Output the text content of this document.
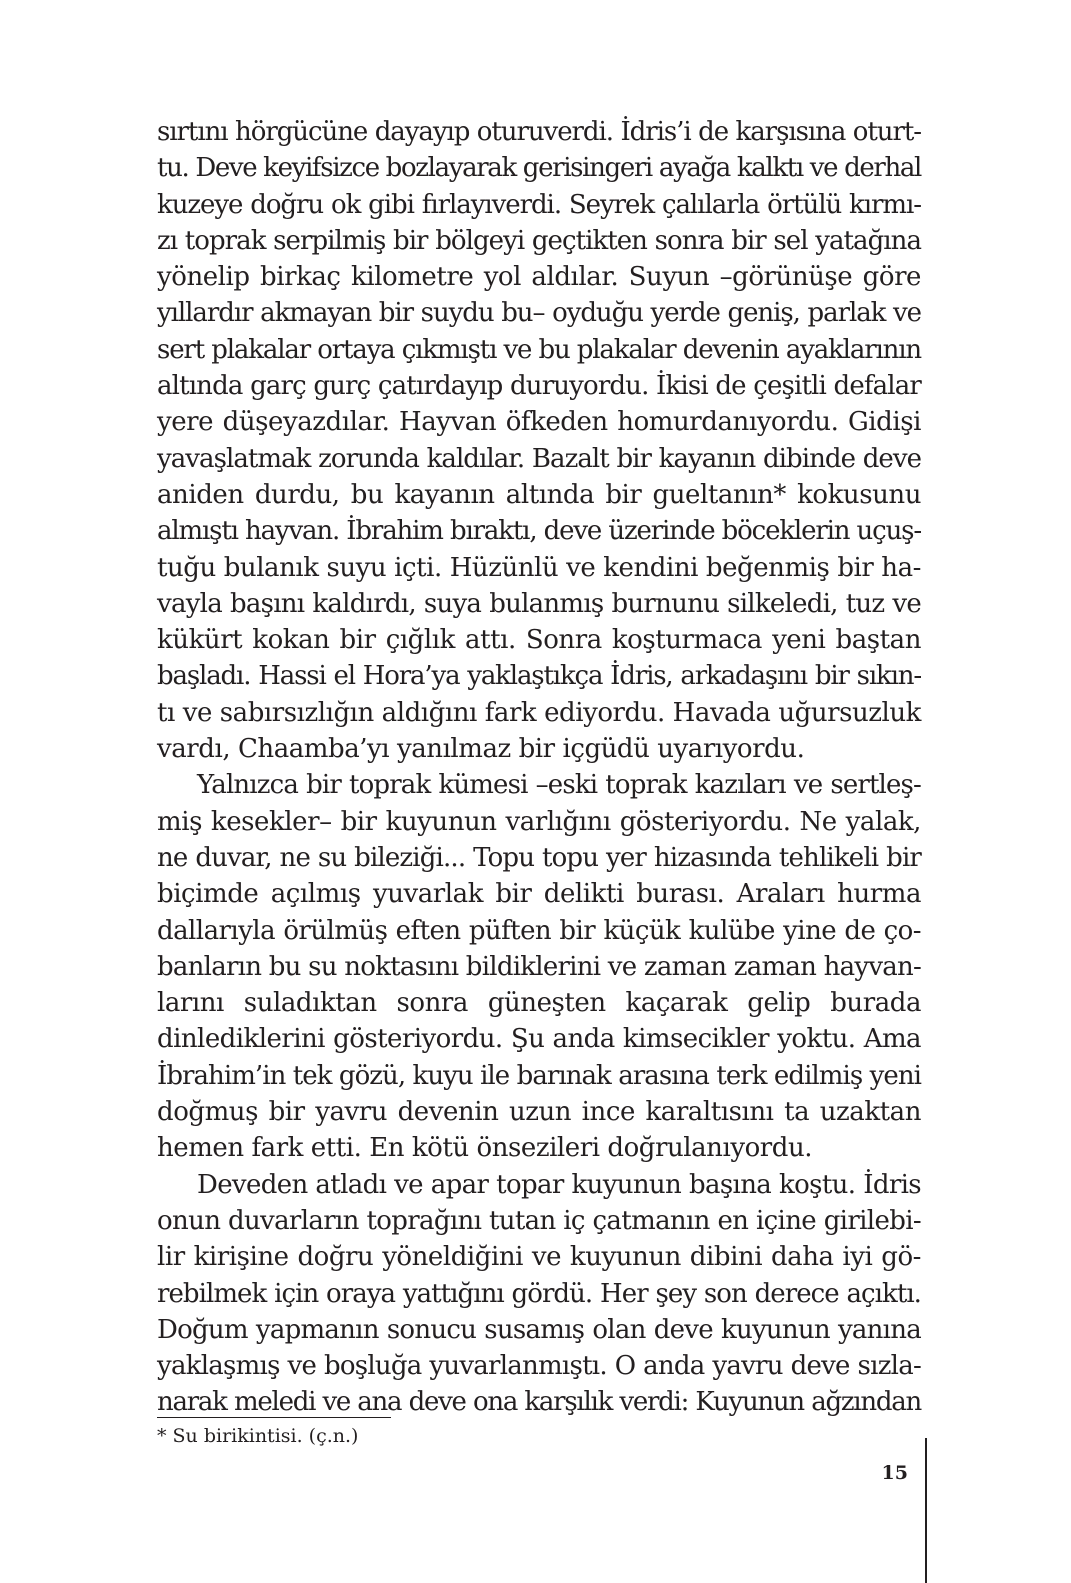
sırtını hörgücüne dayayıp oturuverdi. İdris’i de karşısına oturt-
tu. Deve keyifsizce bozlayarak gerisingeri ayağa kalktı ve derhal
kuzeye doğru ok gibi fırlayıverdi. Seyrek çalılarla örtülü kırmı-
zı toprak serpilmiş bir bölgeyi geçtikten sonra bir sel yatağına
yönelip birkaç kilometre yol aldılar. Suyun –görünüşe göre
yıllardır akmayan bir suydu bu– oyduğu yerde geniş, parlak ve
sert plakalar ortaya çıkmıştı ve bu plakalar devenin ayaklarının
altında garç gurç çatırdayıp duruyordu. İkisi de çeşitli defalar
yere düşeyazdılar. Hayvan öfkeden homurdanıyordu. Gidişi
yavaşlatmak zorunda kaldılar. Bazalt bir kayanın dibinde deve
aniden durdu, bu kayanın altında bir gueltanın* kokusunu
almıştı hayvan. İbrahim bıraktı, deve üzerinde böceklerin uçuş-
tuğu bulanık suyu içti. Hüzünlü ve kendini beğenmiş bir ha-
vayla başını kaldırdı, suya bulanmış burnunu silkeledi, tuz ve
kükürt kokan bir çığlık attı. Sonra koşturmaca yeni baştan
başladı. Hassi el Hora’ya yaklaştıkça İdris, arkadaşını bir sıkın-
tı ve sabırsızlığın aldığını fark ediyordu. Havada uğursuzluk
vardı, Chaamba’yı yanılmaz bir içgüdü uyarıyordu.
Yalnızca bir toprak kümesi –eski toprak kazıları ve sertleş-
miş kesekler– bir kuyunun varlığını gösteriyordu. Ne yalak,
ne duvar, ne su bileziği... Topu topu yer hizasında tehlikeli bir
biçimde açılmış yuvarlak bir delikti burası. Araları hurma
dallarıyla örülmüş eften püften bir küçük kulübe yine de ço-
banların bu su noktasını bildiklerini ve zaman zaman hayvan-
larını suladıktan sonra güneşten kaçarak gelip burada
dinlediklerini gösteriyordu. Şu anda kimsecikler yoktu. Ama
İbrahim’in tek gözü, kuyu ile barınak arasına terk edilmiş yeni
doğmuş bir yavru devenin uzun ince karaltısını ta uzaktan
hemen fark etti. En kötü önsezileri doğrulanıyordu.
Deveden atladı ve apar topar kuyunun başına koştu. İdris
onun duvarların toprağını tutan iç çatmanın en içine girilebi-
lir kirişine doğru yöneldiğini ve kuyunun dibini daha iyi gö-
rebilmek için oraya yattığını gördü. Her şey son derece açıktı.
Doğum yapmanın sonucu susamış olan deve kuyunun yanına
yaklaşmış ve boşluğa yuvarlanmıştı. O anda yavru deve sızla-
narak meledi ve ana deve ona karşılık verdi: Kuyunun ağzından
* Su birikintisi. (ç.n.)
15
